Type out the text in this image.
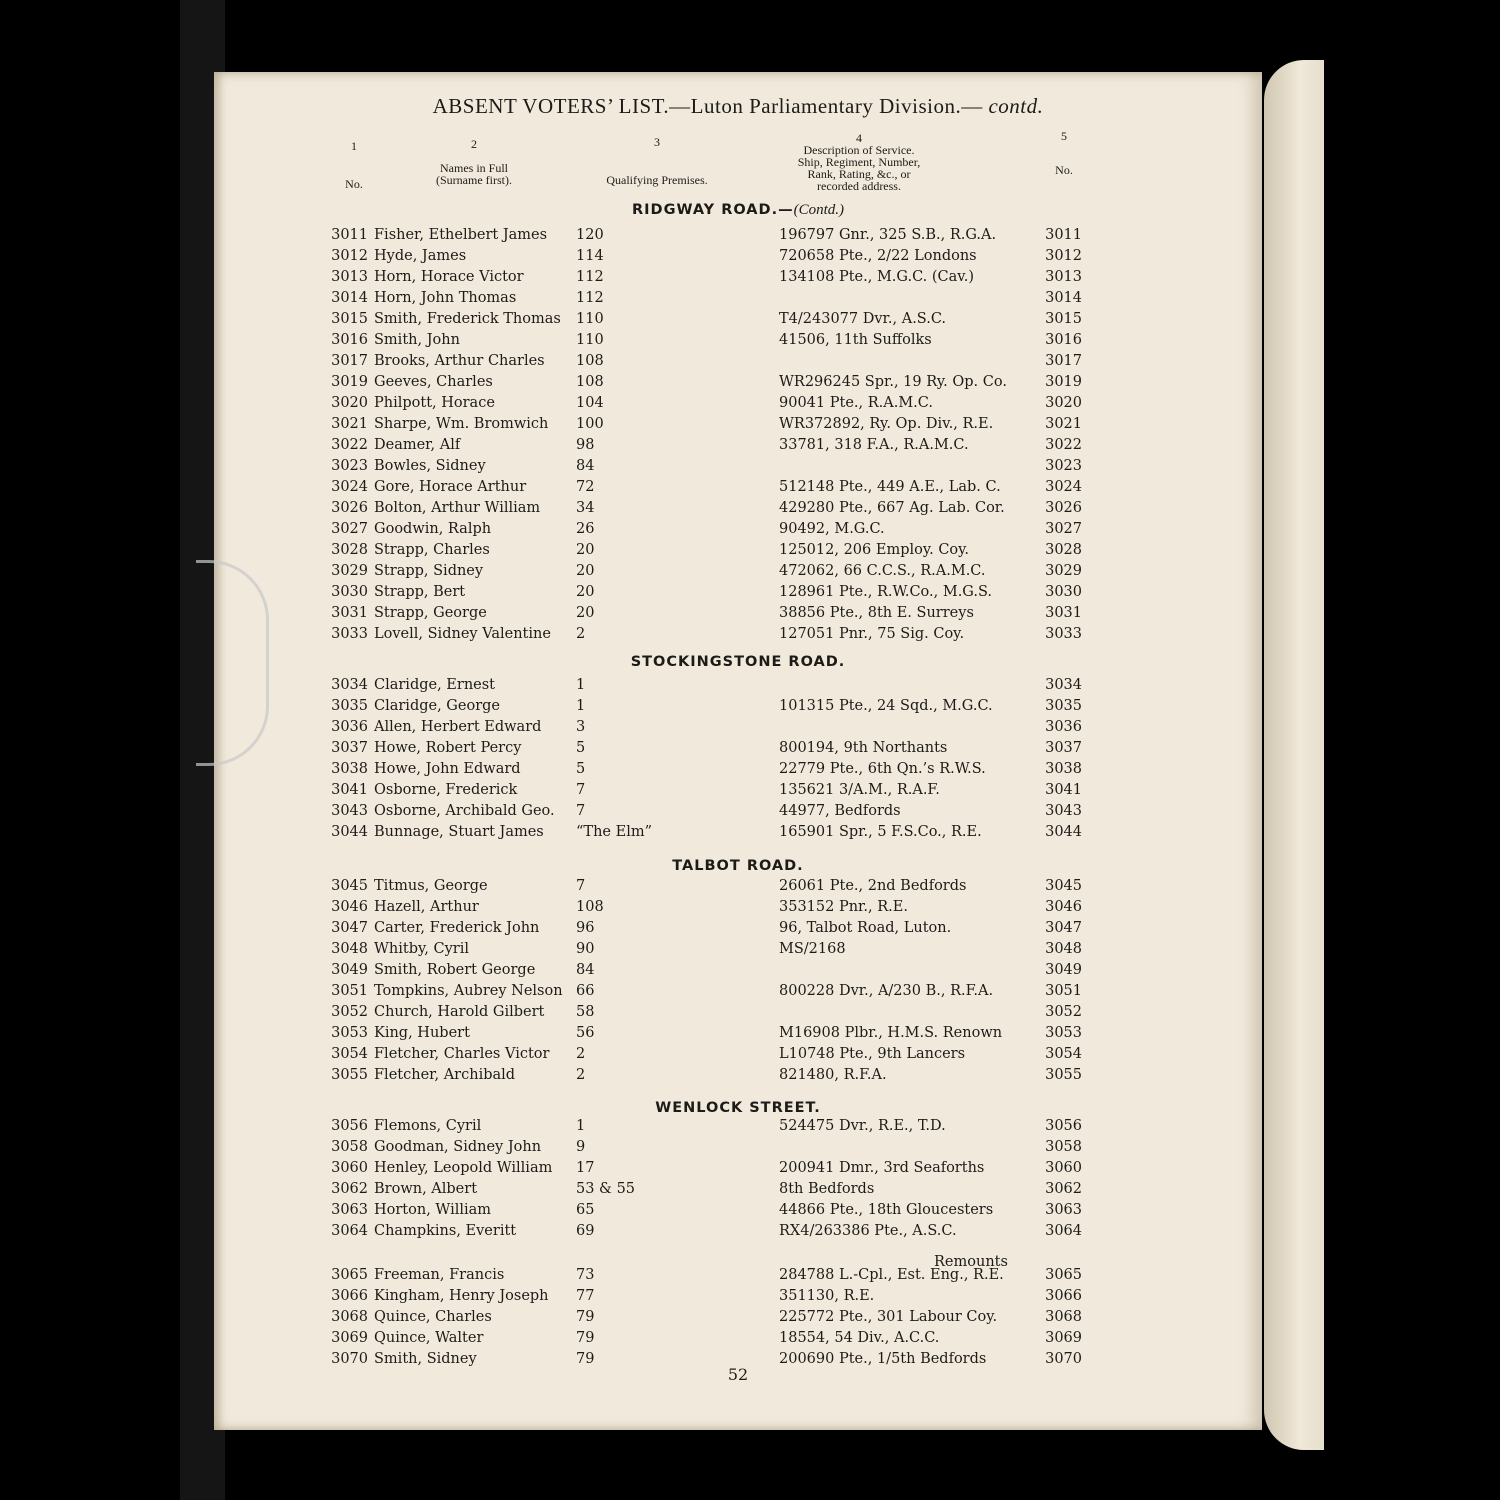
ABSENT VOTERS’ LIST.—Luton Parliamentary Division.— contd.
1
No.
2
Names in Full
(Surname first).
3
Qualifying Premises.
4
Description of Service.
Ship, Regiment, Number,
Rank, Rating, &c., or
recorded address.
5
No.
RIDGWAY ROAD.—(Contd.)
STOCKINGSTONE ROAD.
TALBOT ROAD.
WENLOCK STREET.
3011 Fisher, Ethelbert James 120	196797 Gnr., 325 S.B., R.G.A.	3011
3012 Hyde, James	114	720658 Pte., 2/22 Londons	3012
3013 Horn, Horace Victor	112	134108 Pte., M.G.C. (Cav.)	3013
3014 Horn, John Thomas	112	3014
3015 Smith, Frederick Thomas 110	T4/243077 Dvr., A.S.C.	3015
3016 Smith, John	110	41506, 11th Suffolks	3016
3017 Brooks, Arthur Charles 108	3017
3019 Geeves, Charles	108	WR296245 Spr., 19 Ry. Op. Co.	3019
3020 Philpott, Horace	104	90041 Pte., R.A.M.C.	3020
3021 Sharpe, Wm. Bromwich 100	WR372892, Ry. Op. Div., R.E.	3021
3022 Deamer, Alf	98	33781, 318 F.A., R.A.M.C.	3022
3023 Bowles, Sidney	84	3023
3024 Gore, Horace Arthur	72	512148 Pte., 449 A.E., Lab. C.	3024
3026 Bolton, Arthur William 34	429280 Pte., 667 Ag. Lab. Cor.	3026
3027 Goodwin, Ralph	26	90492, M.G.C.	3027
3028 Strapp, Charles	20	125012, 206 Employ. Coy.	3028
3029 Strapp, Sidney	20	472062, 66 C.C.S., R.A.M.C.	3029
3030 Strapp, Bert	20	128961 Pte., R.W.Co., M.G.S.	3030
3031 Strapp, George	20	38856 Pte., 8th E. Surreys	3031
3033 Lovell, Sidney Valentine 2	127051 Pnr., 75 Sig. Coy.	3033
3034 Claridge, Ernest	1	3034
3035 Claridge, George	1	101315 Pte., 24 Sqd., M.G.C.	3035
3036 Allen, Herbert Edward 3	3036
3037 Howe, Robert Percy	5	800194, 9th Northants	3037
3038 Howe, John Edward	5	22779 Pte., 6th Qn.’s R.W.S.	3038
3041 Osborne, Frederick	7	135621 3/A.M., R.A.F.	3041
3043 Osborne, Archibald Geo. 7	44977, Bedfords	3043
3044 Bunnage, Stuart James “The Elm”	165901 Spr., 5 F.S.Co., R.E.	3044
3045 Titmus, George	7	26061 Pte., 2nd Bedfords	3045
3046 Hazell, Arthur	108	353152 Pnr., R.E.	3046
3047 Carter, Frederick John	96	96, Talbot Road, Luton.	3047
3048 Whitby, Cyril	90	MS/2168	3048
3049 Smith, Robert George	84	3049
3051 Tompkins, Aubrey Nelson 66	800228 Dvr., A/230 B., R.F.A.	3051
3052 Church, Harold Gilbert 58	3052
3053 King, Hubert	56	M16908 Plbr., H.M.S. Renown	3053
3054 Fletcher, Charles Victor 2	L10748 Pte., 9th Lancers	3054
3055 Fletcher, Archibald	2	821480, R.F.A.	3055
3056 Flemons, Cyril	1	524475 Dvr., R.E., T.D.	3056
3058 Goodman, Sidney John 9	3058
3060 Henley, Leopold William 17	200941 Dmr., 3rd Seaforths	3060
3062 Brown, Albert	53 & 55	8th Bedfords	3062
3063 Horton, William	65	44866 Pte., 18th Gloucesters	3063
3064 Champkins, Everitt	69	RX4/263386 Pte., A.S.C.	3064
3065 Freeman, Francis	73	284788 L.-Cpl., Est. Eng., R.E.	3065
3066 Kingham, Henry Joseph 77	351130, R.E.	3066
3068 Quince, Charles	79	225772 Pte., 301 Labour Coy.	3068
3069 Quince, Walter	79	18554, 54 Div., A.C.C.	3069
3070 Smith, Sidney	79	200690 Pte., 1/5th Bedfords	3070
Remounts
52
